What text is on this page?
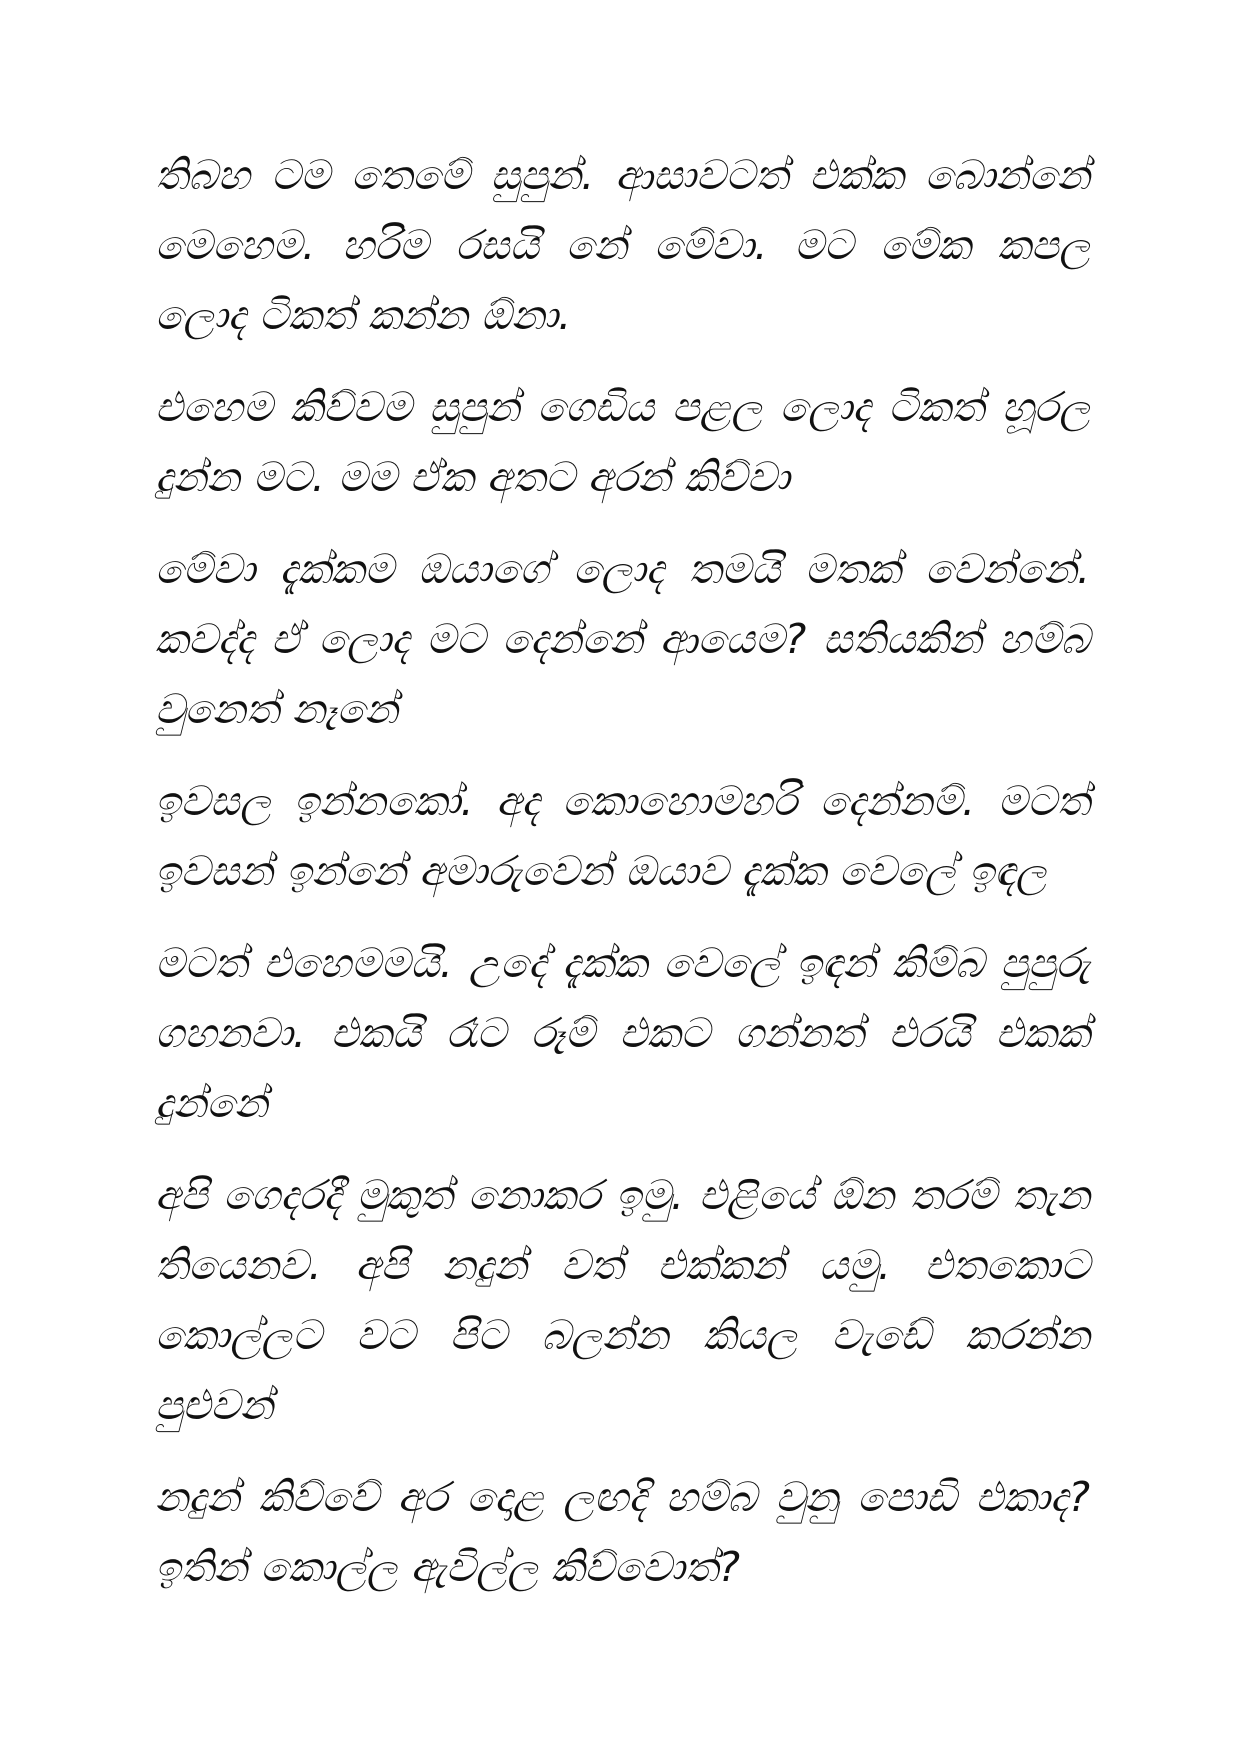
තිබහ ටම තෙමේ සුපුන්. ආසාවටත් එක්ක බොන්නේ මෙහෙම. හරිම රසයි නේ මේවා. මට මේක කපල ලොද ටිකත් කන්න ඕනා.

එහෙම කිව්වම සුපුන් ගෙඩිය පළල ලොද ටිකත් හූරල දුන්න මට. මම ඒක අතට අරන් කිව්වා

මේවා දැක්කම ඔයාගේ ලොද තමයි මතක් වෙන්නේ. කවද්ද ඒ ලොද මට දෙන්නේ ආයෙම? සතියකින් හම්බ වුනෙත් නෑනේ

ඉවසල ඉන්නකෝ. අද කොහොමහරි දෙන්නම්. මටත් ඉවසන් ඉන්නේ අමාරුවෙන් ඔයාව දැක්ක වෙලේ ඉඳල

මටත් එහෙමමයි. උදේ දැක්ක වෙලේ ඉඳන් කිම්බ පුපුරු ගහනවා. එකයි රෑට රූම් එකට ගන්නත් එරයි එකක් දුන්නේ

අපි ගෙදරදී මුකුත් නොකර ඉමු. එළියේ ඕන තරම් තැන තියෙනව. අපි නදුන් වත් එක්කන් යමු. එතකොට කොල්ලට වට පිට බලන්න කියල වැඩේ කරන්න පුළුවන්

නදුන් කිව්වේ අර දොළ ලඟදි හම්බ වුනු පොඩි එකාද? ඉතින් කොල්ල ඇවිල්ල කිව්වොත්?
